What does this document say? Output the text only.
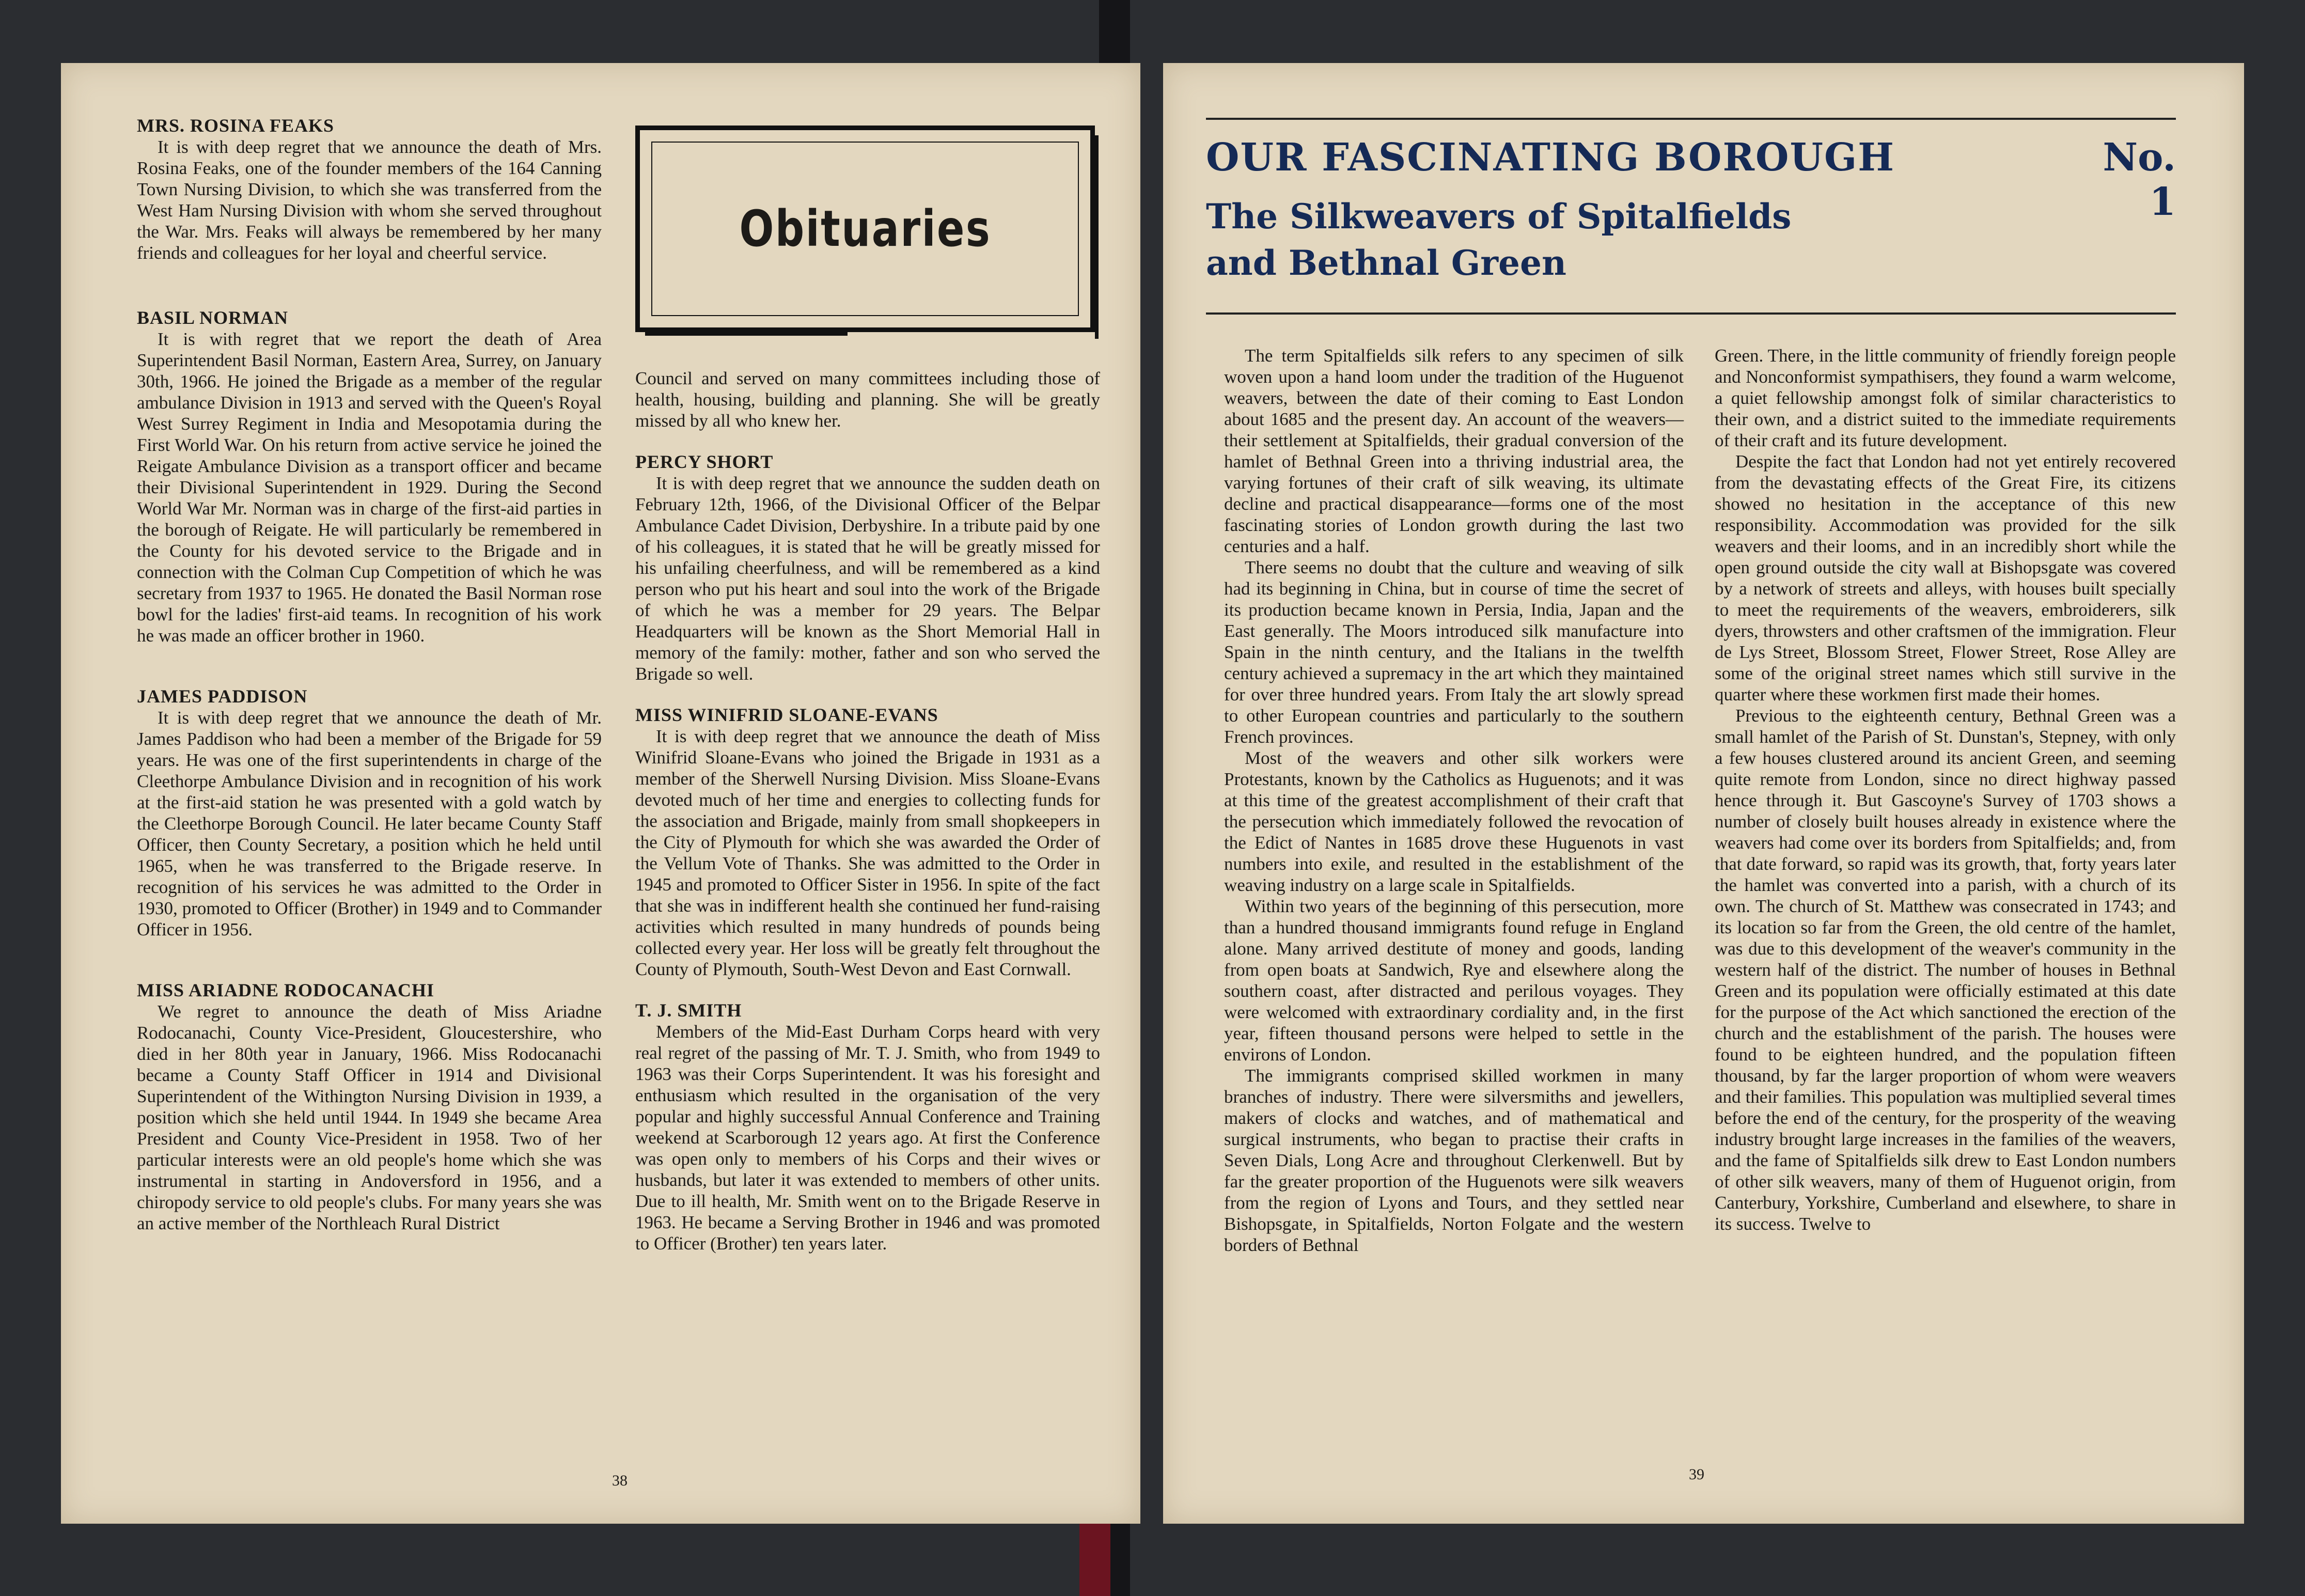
MRS. ROSINA FEAKS

It is with deep regret that we announce the death of Mrs. Rosina Feaks, one of the founder members of the 164 Canning Town Nursing Division, to which she was transferred from the West Ham Nursing Division with whom she served throughout the War. Mrs. Feaks will always be remembered by her many friends and colleagues for her loyal and cheerful service.

BASIL NORMAN

It is with regret that we report the death of Area Superintendent Basil Norman, Eastern Area, Surrey, on January 30th, 1966. He joined the Brigade as a member of the regular ambulance Division in 1913 and served with the Queen's Royal West Surrey Regiment in India and Mesopotamia during the First World War. On his return from active service he joined the Reigate Ambulance Division as a transport officer and became their Divisional Superintendent in 1929. During the Second World War Mr. Norman was in charge of the first-aid parties in the borough of Reigate. He will particularly be remembered in the County for his devoted service to the Brigade and in connection with the Colman Cup Competition of which he was secretary from 1937 to 1965. He donated the Basil Norman rose bowl for the ladies' first-aid teams. In recognition of his work he was made an officer brother in 1960.

JAMES PADDISON

It is with deep regret that we announce the death of Mr. James Paddison who had been a member of the Brigade for 59 years. He was one of the first superintendents in charge of the Cleethorpe Ambulance Division and in recognition of his work at the first-aid station he was presented with a gold watch by the Cleethorpe Borough Council. He later became County Staff Officer, then County Secretary, a position which he held until 1965, when he was transferred to the Brigade reserve. In recognition of his services he was admitted to the Order in 1930, promoted to Officer (Brother) in 1949 and to Commander Officer in 1956.

MISS ARIADNE RODOCANACHI

We regret to announce the death of Miss Ariadne Rodocanachi, County Vice-President, Gloucestershire, who died in her 80th year in January, 1966. Miss Rodocanachi became a County Staff Officer in 1914 and Divisional Superintendent of the Withington Nursing Division in 1939, a position which she held until 1944. In 1949 she became Area President and County Vice-President in 1958. Two of her particular interests were an old people's home which she was instrumental in starting in Andoversford in 1956, and a chiropody service to old people's clubs. For many years she was an active member of the Northleach Rural District

Obituaries

Council and served on many committees including those of health, housing, building and planning. She will be greatly missed by all who knew her.

PERCY SHORT

It is with deep regret that we announce the sudden death on February 12th, 1966, of the Divisional Officer of the Belpar Ambulance Cadet Division, Derbyshire. In a tribute paid by one of his colleagues, it is stated that he will be greatly missed for his unfailing cheerfulness, and will be remembered as a kind person who put his heart and soul into the work of the Brigade of which he was a member for 29 years. The Belpar Headquarters will be known as the Short Memorial Hall in memory of the family: mother, father and son who served the Brigade so well.

MISS WINIFRID SLOANE-EVANS

It is with deep regret that we announce the death of Miss Winifrid Sloane-Evans who joined the Brigade in 1931 as a member of the Sherwell Nursing Division. Miss Sloane-Evans devoted much of her time and energies to collecting funds for the association and Brigade, mainly from small shopkeepers in the City of Plymouth for which she was awarded the Order of the Vellum Vote of Thanks. She was admitted to the Order in 1945 and promoted to Officer Sister in 1956. In spite of the fact that she was in indifferent health she continued her fund-raising activities which resulted in many hundreds of pounds being collected every year. Her loss will be greatly felt throughout the County of Plymouth, South-West Devon and East Cornwall.

T. J. SMITH

Members of the Mid-East Durham Corps heard with very real regret of the passing of Mr. T. J. Smith, who from 1949 to 1963 was their Corps Superintendent. It was his foresight and enthusiasm which resulted in the organisation of the very popular and highly successful Annual Conference and Training weekend at Scarborough 12 years ago. At first the Conference was open only to members of his Corps and their wives or husbands, but later it was extended to members of other units. Due to ill health, Mr. Smith went on to the Brigade Reserve in 1963. He became a Serving Brother in 1946 and was promoted to Officer (Brother) ten years later.

38
OUR FASCINATING BOROUGH	No. 1
The Silkweavers of Spitalfields
and Bethnal Green

The term Spitalfields silk refers to any specimen of silk woven upon a hand loom under the tradition of the Huguenot weavers, between the date of their coming to East London about 1685 and the present day. An account of the weavers—their settlement at Spitalfields, their gradual conversion of the hamlet of Bethnal Green into a thriving industrial area, the varying fortunes of their craft of silk weaving, its ultimate decline and practical disappearance—forms one of the most fascinating stories of London growth during the last two centuries and a half.

There seems no doubt that the culture and weaving of silk had its beginning in China, but in course of time the secret of its production became known in Persia, India, Japan and the East generally. The Moors introduced silk manufacture into Spain in the ninth century, and the Italians in the twelfth century achieved a supremacy in the art which they maintained for over three hundred years. From Italy the art slowly spread to other European countries and particularly to the southern French provinces.

Most of the weavers and other silk workers were Protestants, known by the Catholics as Huguenots; and it was at this time of the greatest accomplishment of their craft that the persecution which immediately followed the revocation of the Edict of Nantes in 1685 drove these Huguenots in vast numbers into exile, and resulted in the establishment of the weaving industry on a large scale in Spitalfields.

Within two years of the beginning of this persecution, more than a hundred thousand immigrants found refuge in England alone. Many arrived destitute of money and goods, landing from open boats at Sandwich, Rye and elsewhere along the southern coast, after distracted and perilous voyages. They were welcomed with extraordinary cordiality and, in the first year, fifteen thousand persons were helped to settle in the environs of London.

The immigrants comprised skilled workmen in many branches of industry. There were silversmiths and jewellers, makers of clocks and watches, and of mathematical and surgical instruments, who began to practise their crafts in Seven Dials, Long Acre and throughout Clerkenwell. But by far the greater proportion of the Huguenots were silk weavers from the region of Lyons and Tours, and they settled near Bishopsgate, in Spitalfields, Norton Folgate and the western borders of Bethnal

Green. There, in the little community of friendly foreign people and Nonconformist sympathisers, they found a warm welcome, a quiet fellowship amongst folk of similar characteristics to their own, and a district suited to the immediate requirements of their craft and its future development.

Despite the fact that London had not yet entirely recovered from the devastating effects of the Great Fire, its citizens showed no hesitation in the acceptance of this new responsibility. Accommodation was provided for the silk weavers and their looms, and in an incredibly short while the open ground outside the city wall at Bishopsgate was covered by a network of streets and alleys, with houses built specially to meet the requirements of the weavers, embroiderers, silk dyers, throwsters and other craftsmen of the immigration. Fleur de Lys Street, Blossom Street, Flower Street, Rose Alley are some of the original street names which still survive in the quarter where these workmen first made their homes.

Previous to the eighteenth century, Bethnal Green was a small hamlet of the Parish of St. Dunstan's, Stepney, with only a few houses clustered around its ancient Green, and seeming quite remote from London, since no direct highway passed hence through it. But Gascoyne's Survey of 1703 shows a number of closely built houses already in existence where the weavers had come over its borders from Spitalfields; and, from that date forward, so rapid was its growth, that, forty years later the hamlet was converted into a parish, with a church of its own. The church of St. Matthew was consecrated in 1743; and its location so far from the Green, the old centre of the hamlet, was due to this development of the weaver's community in the western half of the district. The number of houses in Bethnal Green and its population were officially estimated at this date for the purpose of the Act which sanctioned the erection of the church and the establishment of the parish. The houses were found to be eighteen hundred, and the population fifteen thousand, by far the larger proportion of whom were weavers and their families. This population was multiplied several times before the end of the century, for the prosperity of the weaving industry brought large increases in the families of the weavers, and the fame of Spitalfields silk drew to East London numbers of other silk weavers, many of them of Huguenot origin, from Canterbury, Yorkshire, Cumberland and elsewhere, to share in its success. Twelve to

39
